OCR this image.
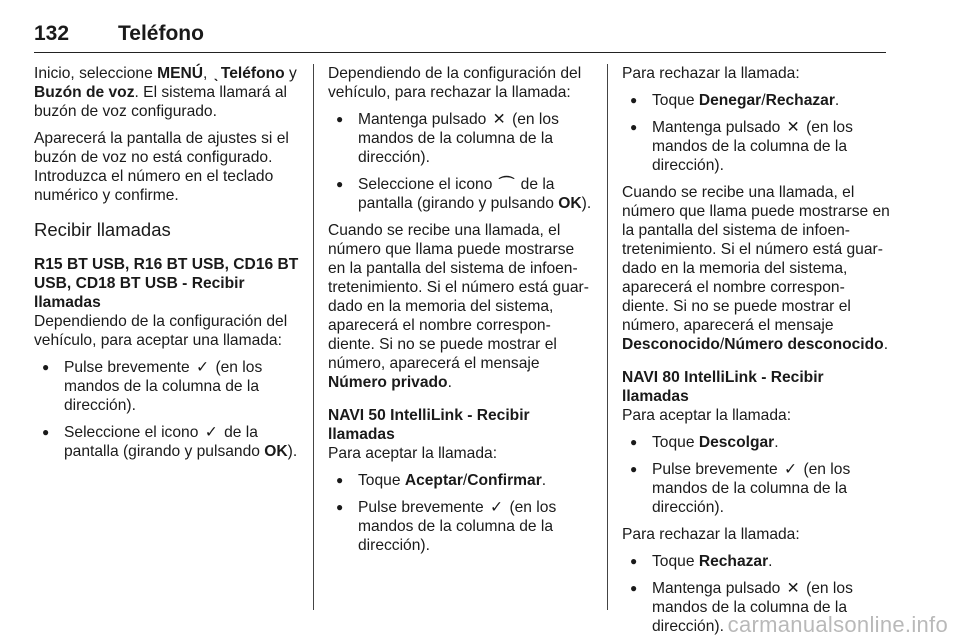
132 Teléfono

Inicio, seleccione MENÚ, ˎ Teléfono y Buzón de voz. El sistema llamará al buzón de voz configurado.

Aparecerá la pantalla de ajustes si el buzón de voz no está configurado. Introduzca el número en el teclado numérico y confirme.

Recibir llamadas
R15 BT USB, R16 BT USB, CD16 BT USB, CD18 BT USB - Recibir llamadas

Dependiendo de la configuración del vehículo, para aceptar una llamada:

● Pulse brevemente ✓ (en los mandos de la columna de la dirección).
● Seleccione el icono ✓ de la pantalla (girando y pulsando OK).

Dependiendo de la configuración del vehículo, para rechazar la llamada:

● Mantenga pulsado ✕ (en los mandos de la columna de la dirección).
● Seleccione el icono ⌒ de la pantalla (girando y pulsando OK).

Cuando se recibe una llamada, el número que llama puede mostrarse en la pantalla del sistema de infoen-tretenimiento. Si el número está guar-dado en la memoria del sistema, aparecerá el nombre correspon-diente. Si no se puede mostrar el número, aparecerá el mensaje Número privado.

NAVI 50 IntelliLink - Recibir llamadas

Para aceptar la llamada:

● Toque Aceptar/Confirmar.
● Pulse brevemente ✓ (en los mandos de la columna de la dirección).

Para rechazar la llamada:

● Toque Denegar/Rechazar.
● Mantenga pulsado ✕ (en los mandos de la columna de la dirección).

Cuando se recibe una llamada, el número que llama puede mostrarse en la pantalla del sistema de infoen-tretenimiento. Si el número está guar-dado en la memoria del sistema, aparecerá el nombre correspon-diente. Si no se puede mostrar el número, aparecerá el mensaje Desconocido/Número desconocido.

NAVI 80 IntelliLink - Recibir llamadas

Para aceptar la llamada:

● Toque Descolgar.
● Pulse brevemente ✓ (en los mandos de la columna de la dirección).

Para rechazar la llamada:

● Toque Rechazar.
● Mantenga pulsado ✕ (en los mandos de la columna de la dirección). carmanualsonline.info
